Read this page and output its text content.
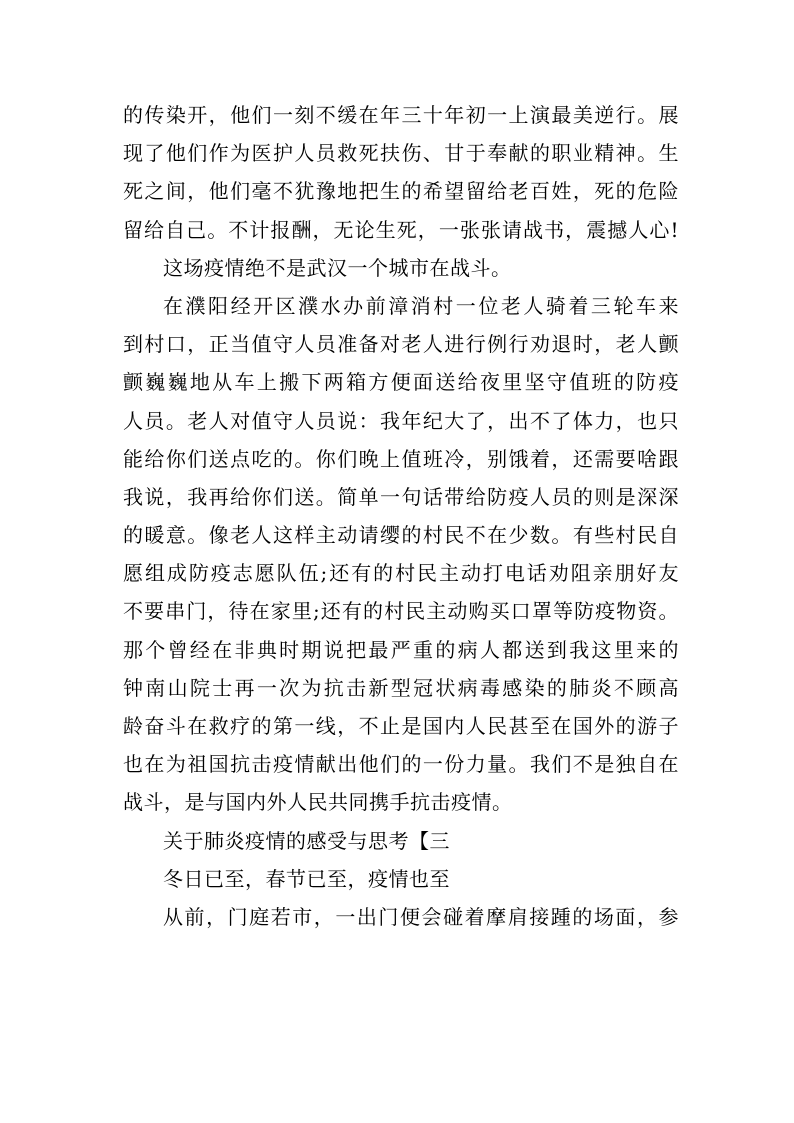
的传染开，他们一刻不缓在年三十年初一上演最美逆行。展
现了他们作为医护人员救死扶伤、甘于奉献的职业精神。生
死之间，他们毫不犹豫地把生的希望留给老百姓，死的危险
留给自己。不计报酬，无论生死，一张张请战书，震撼人心!
这场疫情绝不是武汉一个城市在战斗。
在濮阳经开区濮水办前漳消村一位老人骑着三轮车来
到村口，正当值守人员准备对老人进行例行劝退时，老人颤
颤巍巍地从车上搬下两箱方便面送给夜里坚守值班的防疫
人员。老人对值守人员说：我年纪大了，出不了体力，也只
能给你们送点吃的。你们晚上值班冷，别饿着，还需要啥跟
我说，我再给你们送。简单一句话带给防疫人员的则是深深
的暖意。像老人这样主动请缨的村民不在少数。有些村民自
愿组成防疫志愿队伍;还有的村民主动打电话劝阻亲朋好友
不要串门，待在家里;还有的村民主动购买口罩等防疫物资。
那个曾经在非典时期说把最严重的病人都送到我这里来的
钟南山院士再一次为抗击新型冠状病毒感染的肺炎不顾高
龄奋斗在救疗的第一线，不止是国内人民甚至在国外的游子
也在为祖国抗击疫情献出他们的一份力量。我们不是独自在
战斗，是与国内外人民共同携手抗击疫情。
关于肺炎疫情的感受与思考【三
冬日已至，春节已至，疫情也至
从前，门庭若市，一出门便会碰着摩肩接踵的场面，参
